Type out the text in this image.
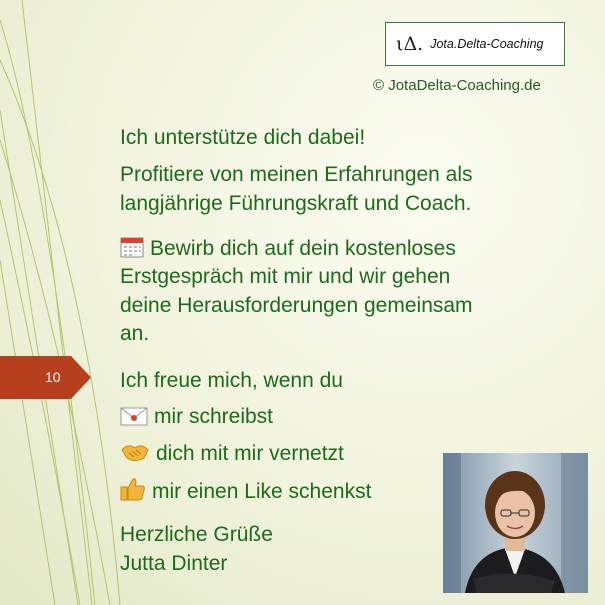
ιΔ. Jota.Delta-Coaching
© JotaDelta-Coaching.de
10
Ich unterstütze dich dabei!
Profitiere von meinen Erfahrungen als
langjährige Führungskraft und Coach.
Bewirb dich auf dein kostenloses
Erstgespräch mit mir und wir gehen
deine Herausforderungen gemeinsam
an.
Ich freue mich, wenn du
mir schreibst
dich mit mir vernetzt
mir einen Like schenkst
Herzliche Grüße
Jutta Dinter
